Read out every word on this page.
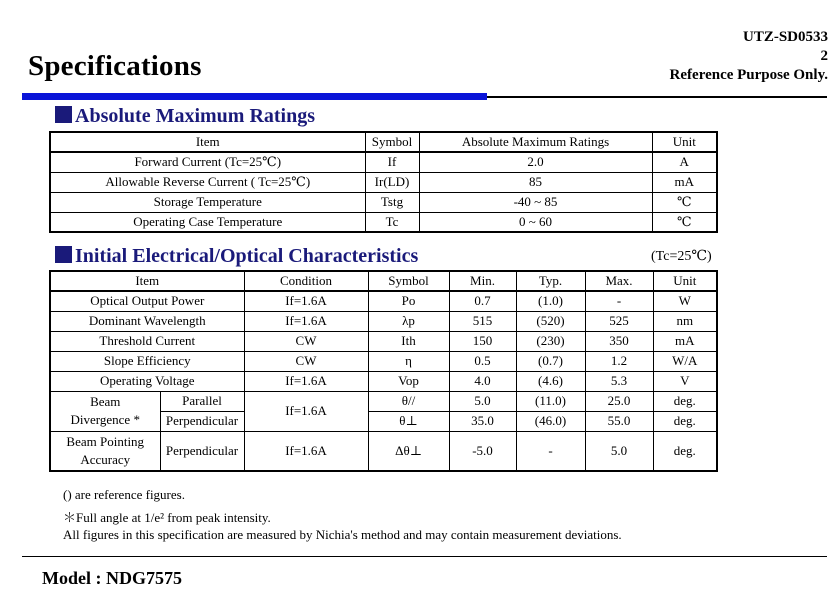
Specifications
UTZ-SD0533
2
Reference Purpose Only.
Absolute Maximum Ratings
Item	Symbol	Absolute Maximum Ratings	Unit
Forward Current (Tc=25℃)	If	2.0	A
Allowable Reverse Current ( Tc=25℃)	Ir(LD)	85	mA
Storage Temperature	Tstg	-40 ~ 85	℃
Operating Case Temperature	Tc	0 ~ 60	℃
Initial Electrical/Optical Characteristics	(Tc=25℃)
Item		Condition	Symbol	Min.	Typ.	Max.	Unit
Optical Output Power		If=1.6A	Po	0.7	(1.0)	-	W
Dominant Wavelength		If=1.6A	λp	515	(520)	525	nm
Threshold Current		CW	Ith	150	(230)	350	mA
Slope Efficiency		CW	η	0.5	(0.7)	1.2	W/A
Operating Voltage		If=1.6A	Vop	4.0	(4.6)	5.3	V
Beam
Divergence *	Parallel	If=1.6A	θ//	5.0	(11.0)	25.0	deg.
	Perpendicular		θ⊥	35.0	(46.0)	55.0	deg.
Beam Pointing
Accuracy	Perpendicular	If=1.6A	Δθ⊥	-5.0	-	5.0	deg.
() are reference figures.
＊Full angle at 1/e² from peak intensity.
All figures in this specification are measured by Nichia's method and may contain measurement deviations.
Model : NDG7575
